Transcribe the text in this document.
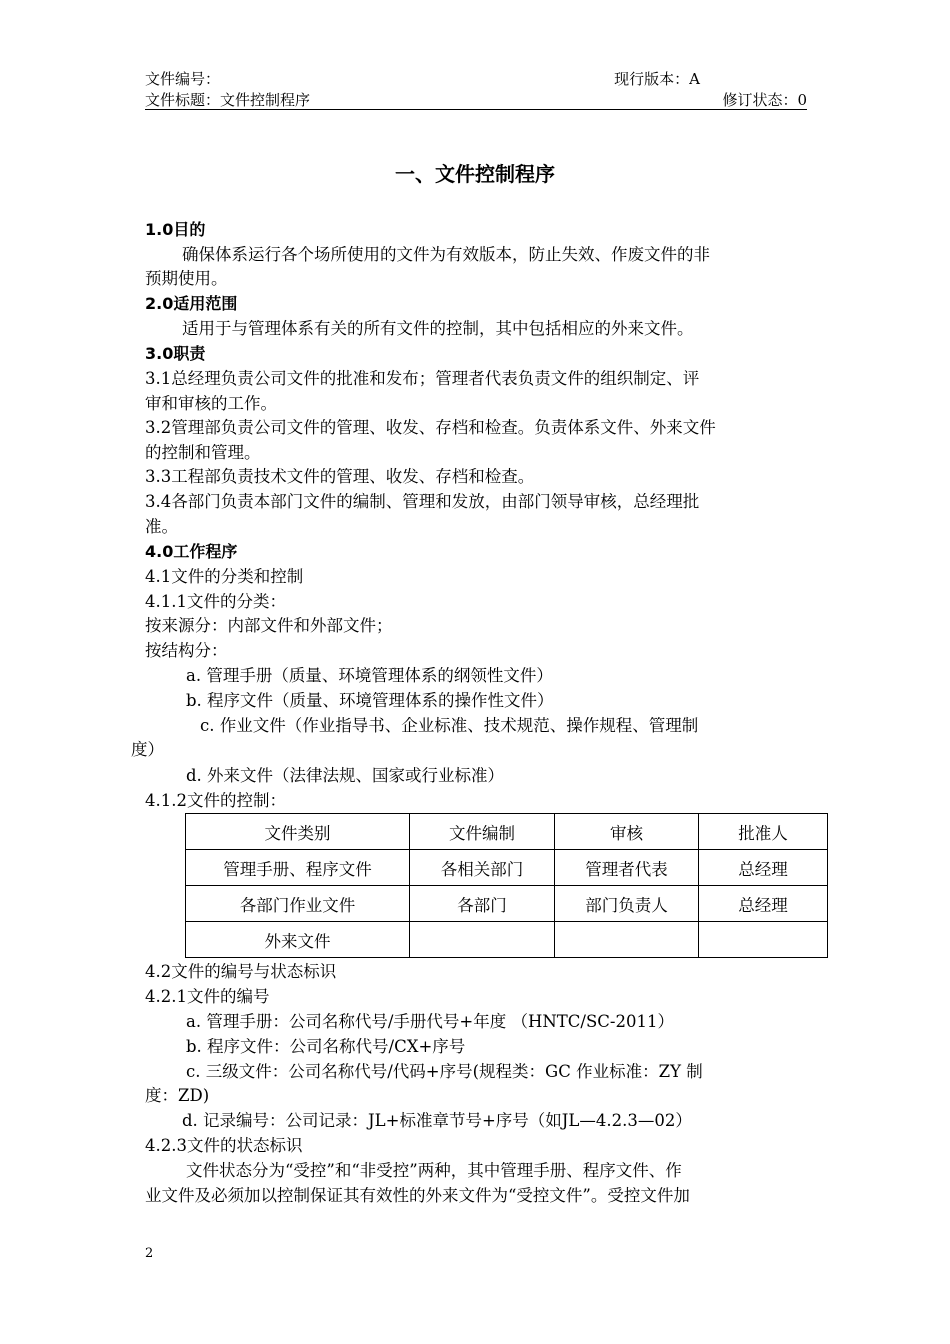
文件编号：	现行版本：A
文件标题：文件控制程序	修订状态：0
一、文件控制程序
1.0目的
确保体系运行各个场所使用的文件为有效版本，防止失效、作废文件的非
预期使用。
2.0适用范围
适用于与管理体系有关的所有文件的控制，其中包括相应的外来文件。
3.0职责
3.1总经理负责公司文件的批准和发布；管理者代表负责文件的组织制定、评
审和审核的工作。
3.2管理部负责公司文件的管理、收发、存档和检查。负责体系文件、外来文件
的控制和管理。
3.3工程部负责技术文件的管理、收发、存档和检查。
3.4各部门负责本部门文件的编制、管理和发放，由部门领导审核，总经理批
准。
4.0工作程序
4.1文件的分类和控制
4.1.1文件的分类：
按来源分：内部文件和外部文件；
按结构分：
a. 管理手册（质量、环境管理体系的纲领性文件）
b. 程序文件（质量、环境管理体系的操作性文件）
c. 作业文件（作业指导书、企业标准、技术规范、操作规程、管理制
度）
d. 外来文件（法律法规、国家或行业标准）
4.1.2文件的控制：
文件类别	文件编制	审核	批准人
管理手册、程序文件	各相关部门	管理者代表	总经理
各部门作业文件	各部门	部门负责人	总经理
外来文件			
4.2文件的编号与状态标识
4.2.1文件的编号
a. 管理手册：公司名称代号/手册代号+年度 （HNTC/SC-2011）
b. 程序文件：公司名称代号/CX+序号
c. 三级文件：公司名称代号/代码+序号(规程类：GC 作业标准：ZY 制
度：ZD)
d. 记录编号：公司记录：JL+标准章节号+序号（如JL—4.2.3—02）
4.2.3文件的状态标识
文件状态分为“受控”和“非受控”两种，其中管理手册、程序文件、作
业文件及必须加以控制保证其有效性的外来文件为“受控文件”。受控文件加
2
